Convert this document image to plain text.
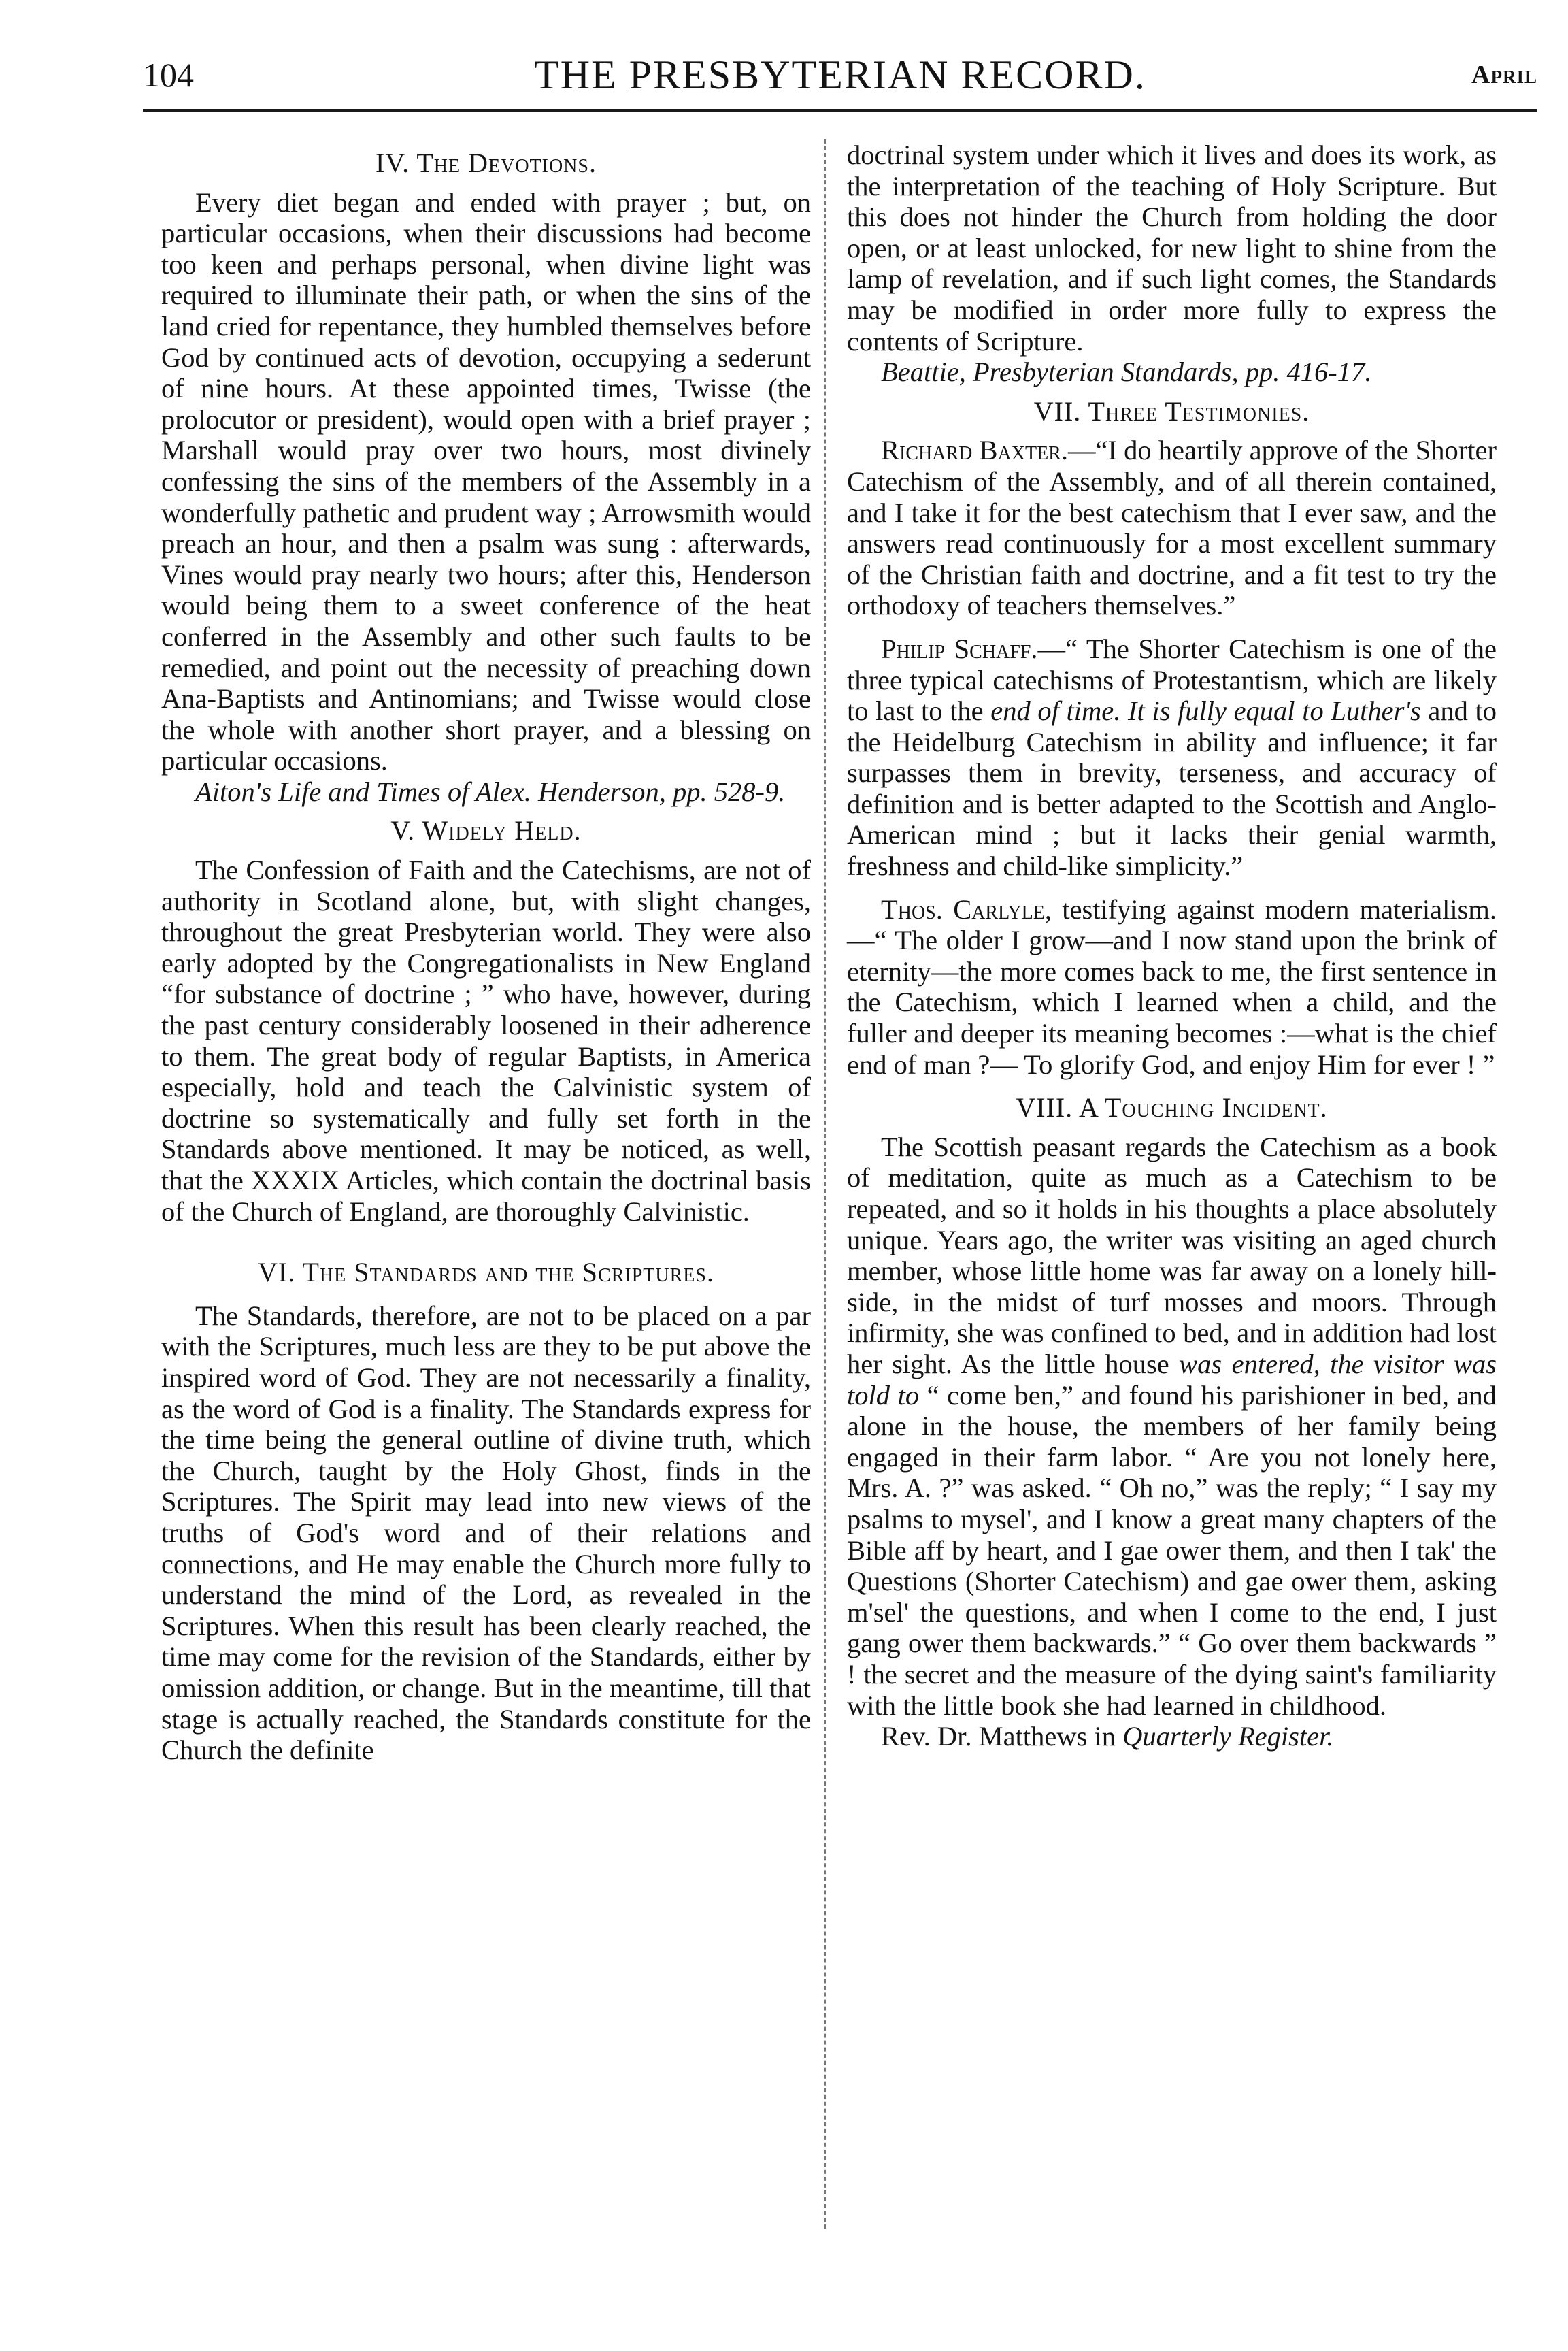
104	THE PRESBYTERIAN RECORD.	April
IV. The Devotions.

Every diet began and ended with prayer ; but, on particular occasions, when their discussions had become too keen and perhaps personal, when divine light was required to illuminate their path, or when the sins of the land cried for repentance, they humbled themselves before God by continued acts of devotion, occupying a sederunt of nine hours. At these appointed times, Twisse (the prolocutor or president), would open with a brief prayer ; Marshall would pray over two hours, most divinely confessing the sins of the members of the Assembly in a wonderfully pathetic and prudent way ; Arrowsmith would preach an hour, and then a psalm was sung : afterwards, Vines would pray nearly two hours; after this, Henderson would being them to a sweet conference of the heat conferred in the Assembly and other such faults to be remedied, and point out the necessity of preaching down Ana-Baptists and Antinomians; and Twisse would close the whole with another short prayer, and a blessing on particular occasions.

Aiton's Life and Times of Alex. Henderson, pp. 528-9.

V. Widely Held.

The Confession of Faith and the Catechisms, are not of authority in Scotland alone, but, with slight changes, throughout the great Presbyterian world. They were also early adopted by the Congregationalists in New England “for substance of doctrine ; ” who have, however, during the past century considerably loosened in their adherence to them. The great body of regular Baptists, in America especially, hold and teach the Calvinistic system of doctrine so systematically and fully set forth in the Standards above mentioned. It may be noticed, as well, that the XXXIX Articles, which contain the doctrinal basis of the Church of England, are thoroughly Calvinistic.

VI. The Standards and the Scriptures.

The Standards, therefore, are not to be placed on a par with the Scriptures, much less are they to be put above the inspired word of God. They are not necessarily a finality, as the word of God is a finality. The Standards express for the time being the general outline of divine truth, which the Church, taught by the Holy Ghost, finds in the Scriptures. The Spirit may lead into new views of the truths of God's word and of their relations and connections, and He may enable the Church more fully to understand the mind of the Lord, as revealed in the Scriptures. When this result has been clearly reached, the time may come for the revision of the Standards, either by omission addition, or change. But in the meantime, till that stage is actually reached, the Standards constitute for the Church the definite

doctrinal system under which it lives and does its work, as the interpretation of the teaching of Holy Scripture. But this does not hinder the Church from holding the door open, or at least unlocked, for new light to shine from the lamp of revelation, and if such light comes, the Standards may be modified in order more fully to express the contents of Scripture.

Beattie, Presbyterian Standards, pp. 416-17.

VII. Three Testimonies.

Richard Baxter.—“I do heartily approve of the Shorter Catechism of the Assembly, and of all therein contained, and I take it for the best catechism that I ever saw, and the answers read continuously for a most excellent summary of the Christian faith and doctrine, and a fit test to try the orthodoxy of teachers themselves.”

Philip Schaff.—“ The Shorter Catechism is one of the three typical catechisms of Protestantism, which are likely to last to the end of time. It is fully equal to Luther's and to the Heidelburg Catechism in ability and influence; it far surpasses them in brevity, terseness, and accuracy of definition and is better adapted to the Scottish and Anglo-American mind ; but it lacks their genial warmth, freshness and child-like simplicity.”

Thos. Carlyle, testifying against modern materialism.—“ The older I grow—and I now stand upon the brink of eternity—the more comes back to me, the first sentence in the Catechism, which I learned when a child, and the fuller and deeper its meaning becomes :—what is the chief end of man ?— To glorify God, and enjoy Him for ever ! ”

VIII. A Touching Incident.

The Scottish peasant regards the Catechism as a book of meditation, quite as much as a Catechism to be repeated, and so it holds in his thoughts a place absolutely unique. Years ago, the writer was visiting an aged church member, whose little home was far away on a lonely hill-side, in the midst of turf mosses and moors. Through infirmity, she was confined to bed, and in addition had lost her sight. As the little house was entered, the visitor was told to “ come ben,” and found his parishioner in bed, and alone in the house, the members of her family being engaged in their farm labor. “ Are you not lonely here, Mrs. A. ?” was asked. “ Oh no,” was the reply; “ I say my psalms to mysel', and I know a great many chapters of the Bible aff by heart, and I gae ower them, and then I tak' the Questions (Shorter Catechism) and gae ower them, asking m'sel' the questions, and when I come to the end, I just gang ower them backwards.” “ Go over them backwards ” ! the secret and the measure of the dying saint's familiarity with the little book she had learned in childhood.

Rev. Dr. Matthews in Quarterly Register.
